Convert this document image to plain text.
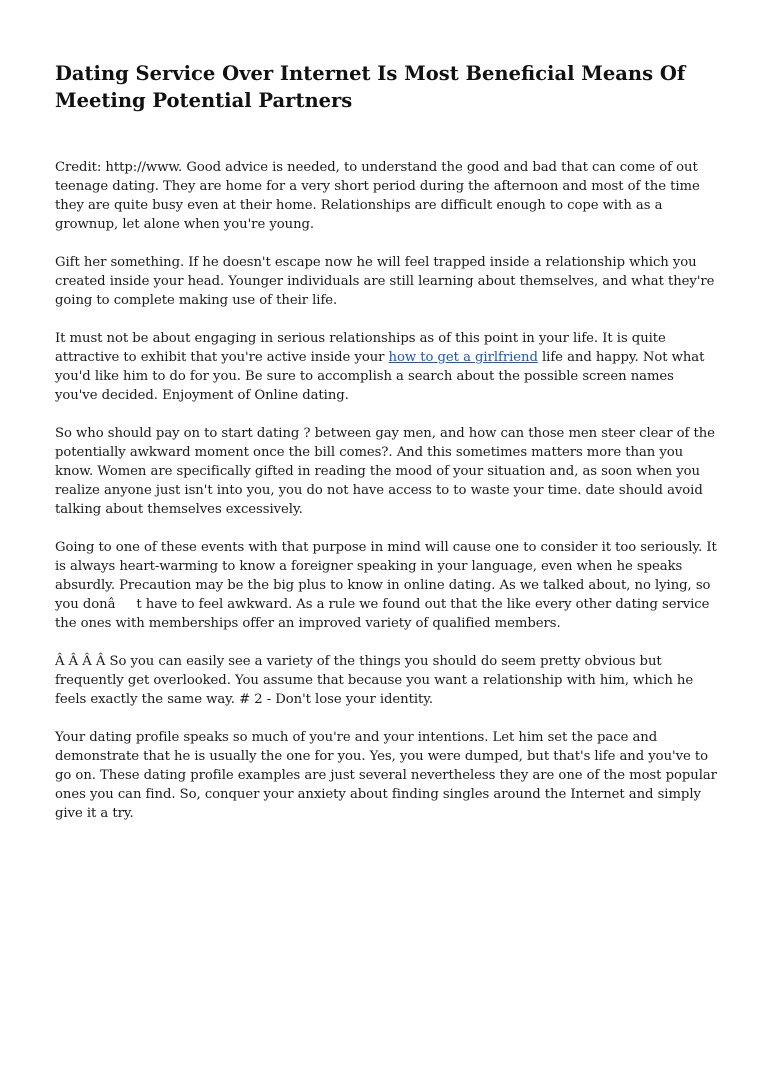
Dating Service Over Internet Is Most Beneficial Means Of Meeting Potential Partners

Credit: http://www. Good advice is needed, to understand the good and bad that can come of out teenage dating. They are home for a very short period during the afternoon and most of the time they are quite busy even at their home. Relationships are difficult enough to cope with as a grownup, let alone when you're young.

Gift her something. If he doesn't escape now he will feel trapped inside a relationship which you created inside your head. Younger individuals are still learning about themselves, and what they're going to complete making use of their life.

It must not be about engaging in serious relationships as of this point in your life. It is quite attractive to exhibit that you're active inside your how to get a girlfriend life and happy. Not what you'd like him to do for you. Be sure to accomplish a search about the possible screen names you've decided. Enjoyment of Online dating.

So who should pay on to start dating ? between gay men, and how can those men steer clear of the potentially awkward moment once the bill comes?. And this sometimes matters more than you know. Women are specifically gifted in reading the mood of your situation and, as soon when you realize anyone just isn't into you, you do not have access to to waste your time. date should avoid talking about themselves excessively.

Going to one of these events with that purpose in mind will cause one to consider it too seriously. It is always heart-warming to know a foreigner speaking in your language, even when he speaks absurdly. Precaution may be the big plus to know in online dating. As we talked about, no lying, so you donât have to feel awkward. As a rule we found out that the like every other dating service the ones with memberships offer an improved variety of qualified members.

Â Â Â Â So you can easily see a variety of the things you should do seem pretty obvious but frequently get overlooked. You assume that because you want a relationship with him, which he feels exactly the same way. # 2 - Don't lose your identity.

Your dating profile speaks so much of you're and your intentions. Let him set the pace and demonstrate that he is usually the one for you. Yes, you were dumped, but that's life and you've to go on. These dating profile examples are just several nevertheless they are one of the most popular ones you can find. So, conquer your anxiety about finding singles around the Internet and simply give it a try.
